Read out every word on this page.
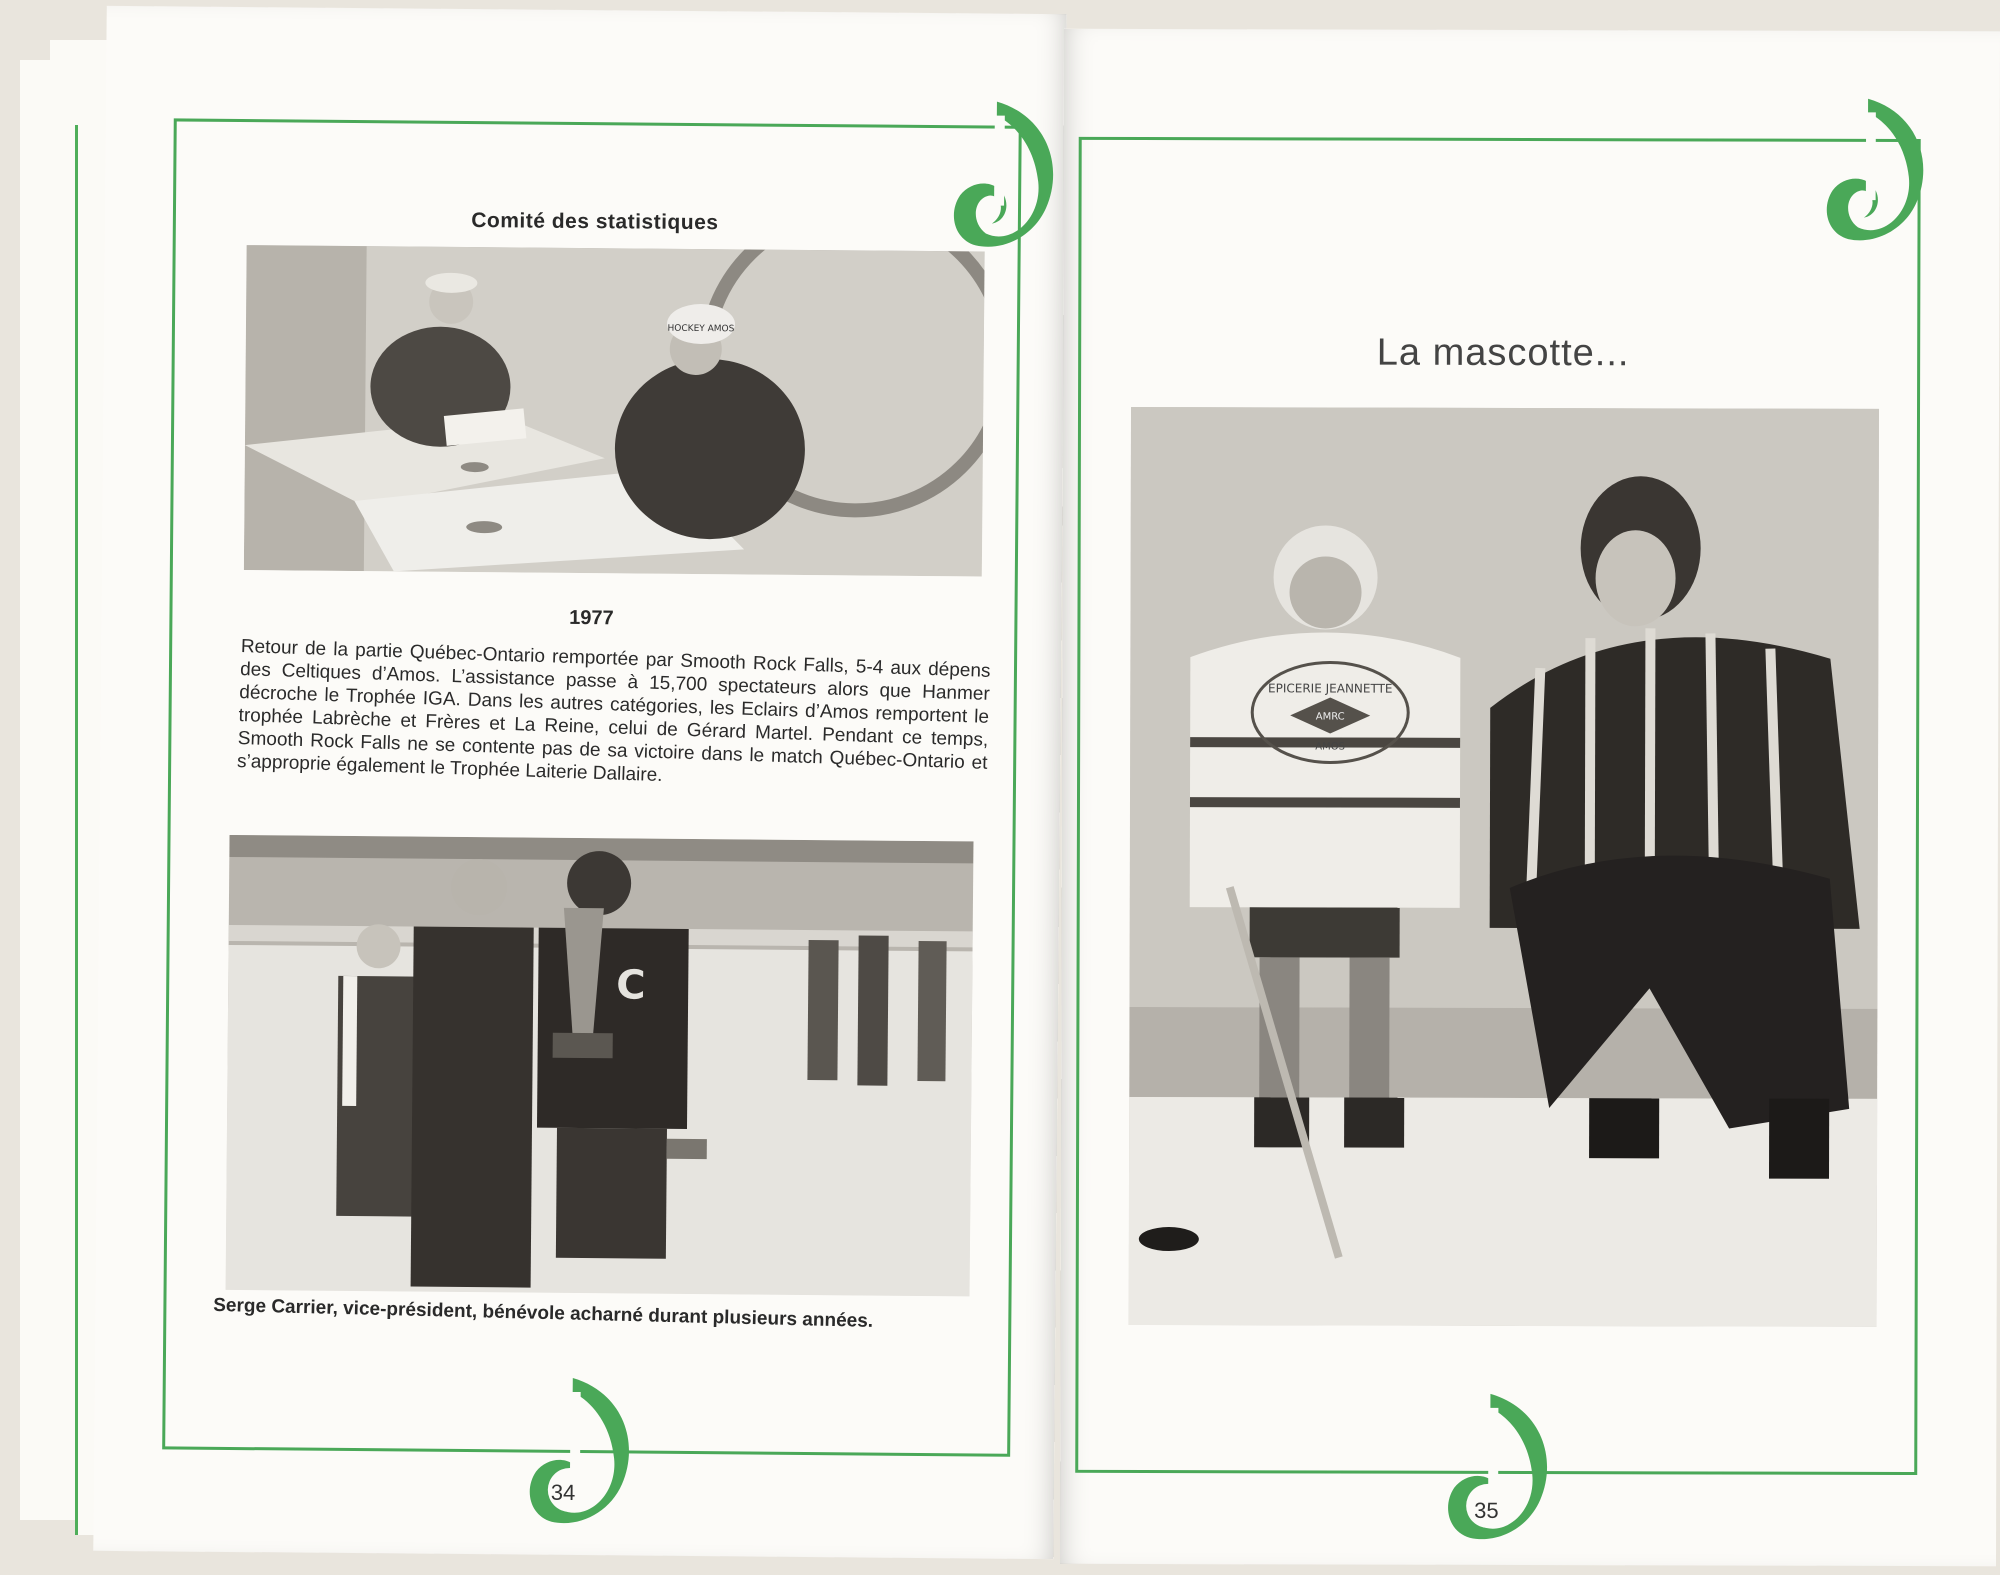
Comité des statistiques
HOCKEY AMOS
1977
Retour de la partie Québec-Ontario remportée par Smooth Rock Falls, 5-4 aux dépens des Celtiques d’Amos. L’assistance passe à 15,700 spectateurs alors que Hanmer décroche le Trophée IGA. Dans les autres catégories, les Eclairs d’Amos remportent le trophée Labrèche et Frères et La Reine, celui de Gérard Martel. Pendant ce temps, Smooth Rock Falls ne se contente pas de sa victoire dans le match Québec-Ontario et s’approprie également le Trophée Laiterie Dallaire.
C
Serge Carrier, vice-président, bénévole acharné durant plusieurs années.
34
La mascotte...
EPICERIE JEANNETTE
AMRC
AMOS
35
